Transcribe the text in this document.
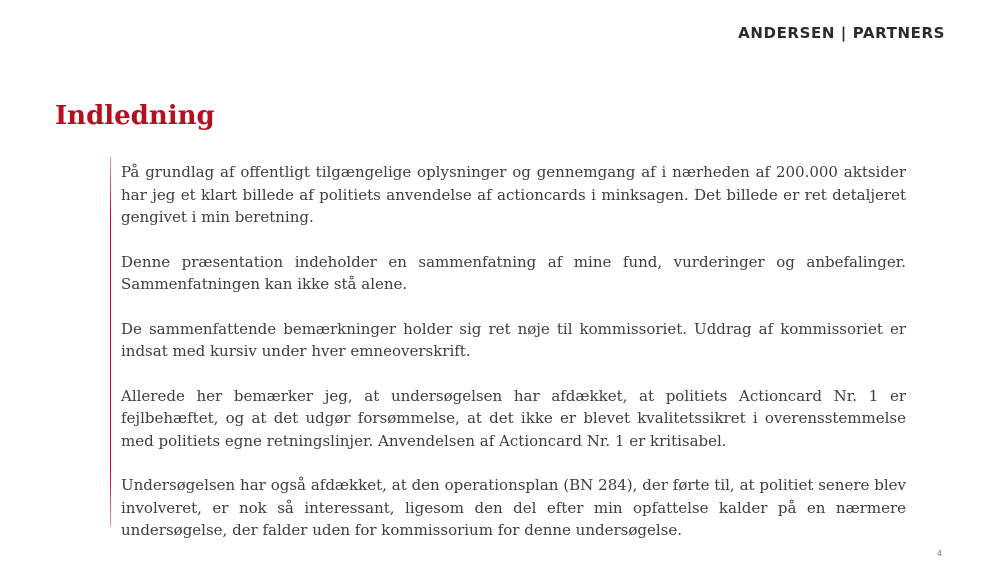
ANDERSEN | PARTNERS
Indledning

På grundlag af offentligt tilgængelige oplysninger og gennemgang af i nærheden af 200.000 aktsider har jeg et klart billede af politiets anvendelse af actioncards i minksagen. Det billede er ret detaljeret gengivet i min beretning.

Denne præsentation indeholder en sammenfatning af mine fund, vurderinger og anbefalinger. Sammenfatningen kan ikke stå alene.

De sammenfattende bemærkninger holder sig ret nøje til kommissoriet. Uddrag af kommissoriet er indsat med kursiv under hver emneoverskrift.

Allerede her bemærker jeg, at undersøgelsen har afdækket, at politiets Actioncard Nr. 1 er fejlbehæftet, og at det udgør forsømmelse, at det ikke er blevet kvalitetssikret i overensstemmelse med politiets egne retningslinjer. Anvendelsen af Actioncard Nr. 1 er kritisabel.

Undersøgelsen har også afdækket, at den operationsplan (BN 284), der førte til, at politiet senere blev involveret, er nok så interessant, ligesom den del efter min opfattelse kalder på en nærmere undersøgelse, der falder uden for kommissorium for denne undersøgelse.

4
